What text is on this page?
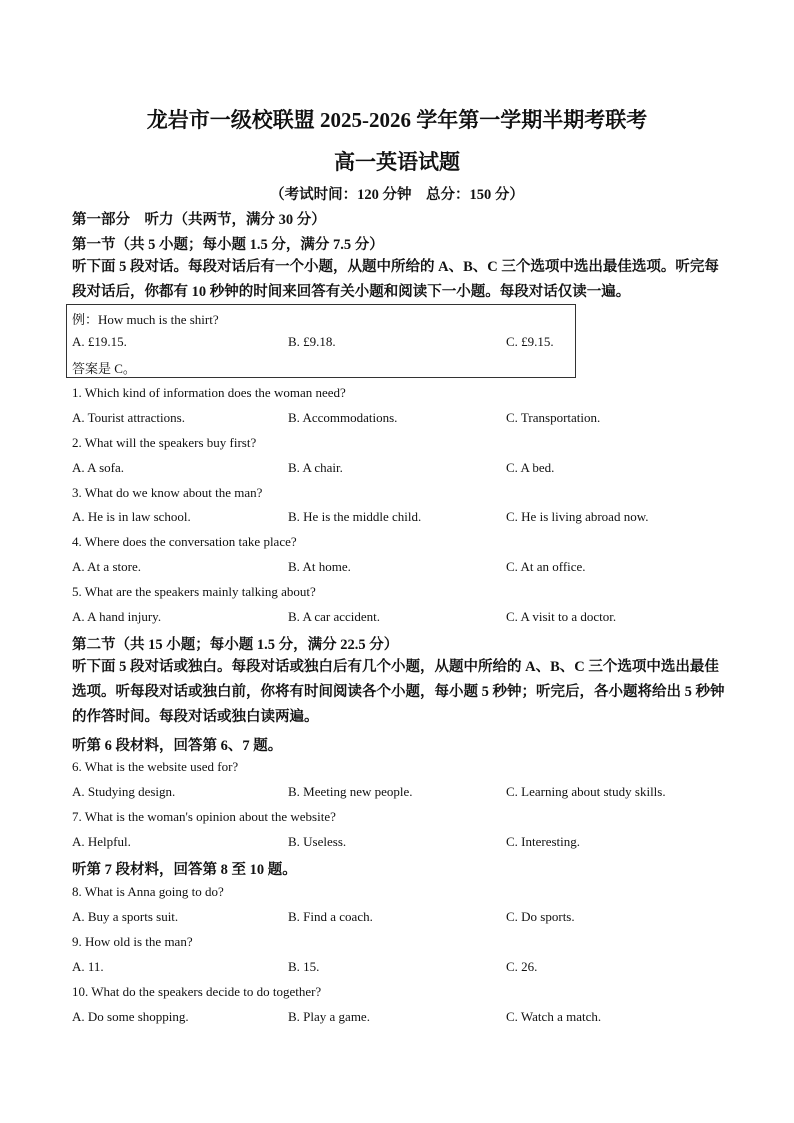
龙岩市一级校联盟 2025-2026 学年第一学期半期考联考
高一英语试题
（考试时间：120 分钟　总分：150 分）
第一部分　听力（共两节，满分 30 分）
第一节（共 5 小题；每小题 1.5 分，满分 7.5 分）
听下面 5 段对话。每段对话后有一个小题，从题中所给的 A、B、C 三个选项中选出最佳选项。听完每段对话后，你都有 10 秒钟的时间来回答有关小题和阅读下一小题。每段对话仅读一遍。
例：How much is the shirt?
A. £19.15.	B. £9.18.	C. £9.15.
答案是 C。
1. Which kind of information does the woman need?
A. Tourist attractions.	B. Accommodations.	C. Transportation.
2. What will the speakers buy first?
A. A sofa.	B. A chair.	C. A bed.
3. What do we know about the man?
A. He is in law school.	B. He is the middle child.	C. He is living abroad now.
4. Where does the conversation take place?
A. At a store.	B. At home.	C. At an office.
5. What are the speakers mainly talking about?
A. A hand injury.	B. A car accident.	C. A visit to a doctor.
第二节（共 15 小题；每小题 1.5 分，满分 22.5 分）
听下面 5 段对话或独白。每段对话或独白后有几个小题，从题中所给的 A、B、C 三个选项中选出最佳选项。听每段对话或独白前，你将有时间阅读各个小题，每小题 5 秒钟；听完后，各小题将给出 5 秒钟的作答时间。每段对话或独白读两遍。
听第 6 段材料，回答第 6、7 题。
6. What is the website used for?
A. Studying design.	B. Meeting new people.	C. Learning about study skills.
7. What is the woman's opinion about the website?
A. Helpful.	B. Useless.	C. Interesting.
听第 7 段材料，回答第 8 至 10 题。
8. What is Anna going to do?
A. Buy a sports suit.	B. Find a coach.	C. Do sports.
9. How old is the man?
A. 11.	B. 15.	C. 26.
10. What do the speakers decide to do together?
A. Do some shopping.	B. Play a game.	C. Watch a match.
